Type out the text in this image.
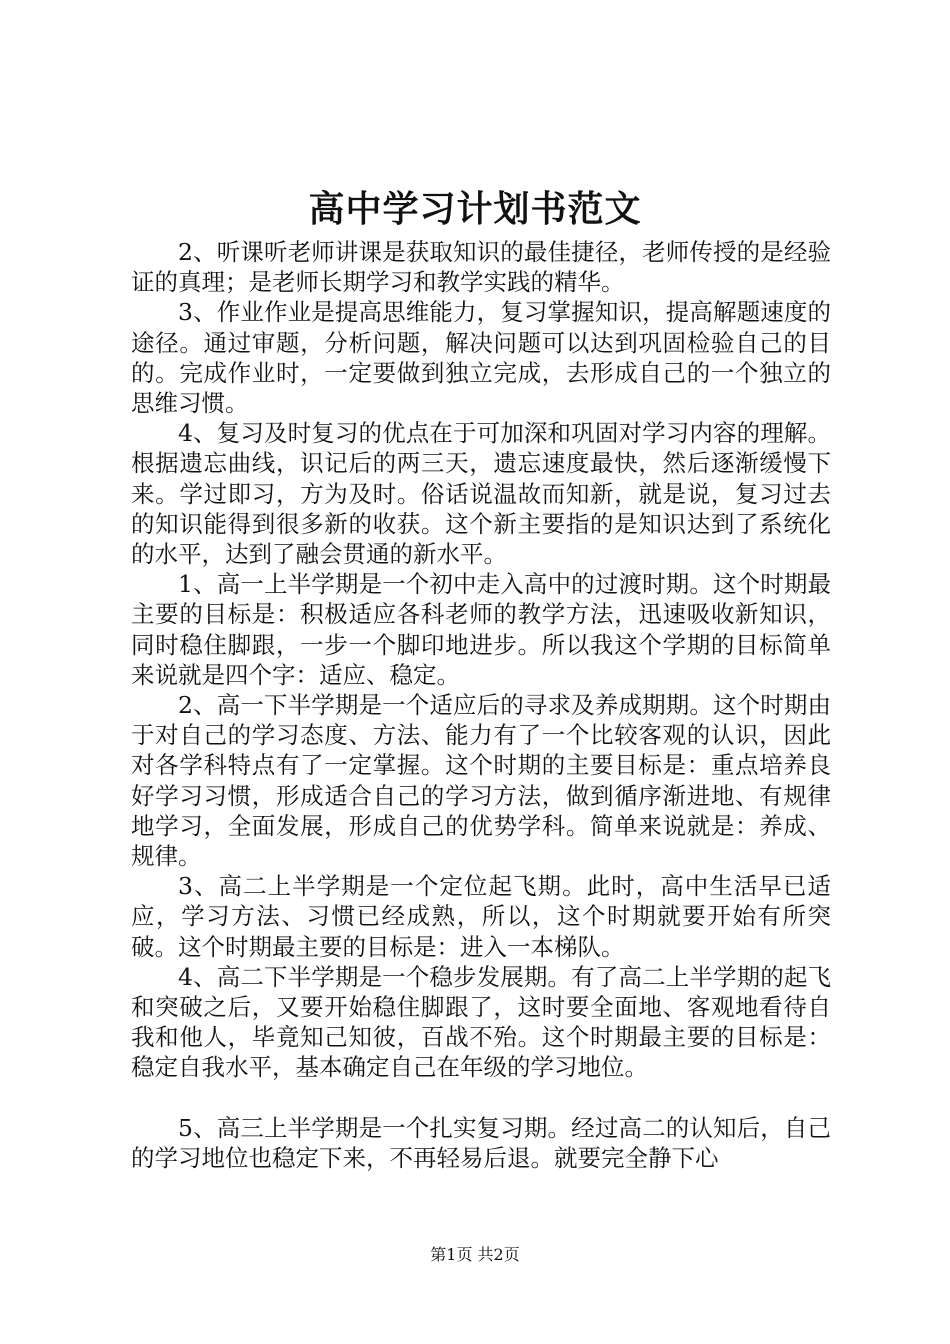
高中学习计划书范文

2、听课听老师讲课是获取知识的最佳捷径，老师传授的是经验证的真理；是老师长期学习和教学实践的精华。

3、作业作业是提高思维能力，复习掌握知识，提高解题速度的途径。通过审题，分析问题，解决问题可以达到巩固检验自己的目的。完成作业时，一定要做到独立完成，去形成自己的一个独立的思维习惯。

4、复习及时复习的优点在于可加深和巩固对学习内容的理解。根据遗忘曲线，识记后的两三天，遗忘速度最快，然后逐渐缓慢下来。学过即习，方为及时。俗话说温故而知新，就是说，复习过去的知识能得到很多新的收获。这个新主要指的是知识达到了系统化的水平，达到了融会贯通的新水平。

1、高一上半学期是一个初中走入高中的过渡时期。这个时期最主要的目标是：积极适应各科老师的教学方法，迅速吸收新知识，同时稳住脚跟，一步一个脚印地进步。所以我这个学期的目标简单来说就是四个字：适应、稳定。

2、高一下半学期是一个适应后的寻求及养成期期。这个时期由于对自己的学习态度、方法、能力有了一个比较客观的认识，因此对各学科特点有了一定掌握。这个时期的主要目标是：重点培养良好学习习惯，形成适合自己的学习方法，做到循序渐进地、有规律地学习，全面发展，形成自己的优势学科。简单来说就是：养成、规律。

3、高二上半学期是一个定位起飞期。此时，高中生活早已适应，学习方法、习惯已经成熟，所以，这个时期就要开始有所突破。这个时期最主要的目标是：进入一本梯队。

4、高二下半学期是一个稳步发展期。有了高二上半学期的起飞和突破之后，又要开始稳住脚跟了，这时要全面地、客观地看待自我和他人，毕竟知己知彼，百战不殆。这个时期最主要的目标是：稳定自我水平，基本确定自己在年级的学习地位。

5、高三上半学期是一个扎实复习期。经过高二的认知后，自己的学习地位也稳定下来，不再轻易后退。就要完全静下心

第1页 共2页
